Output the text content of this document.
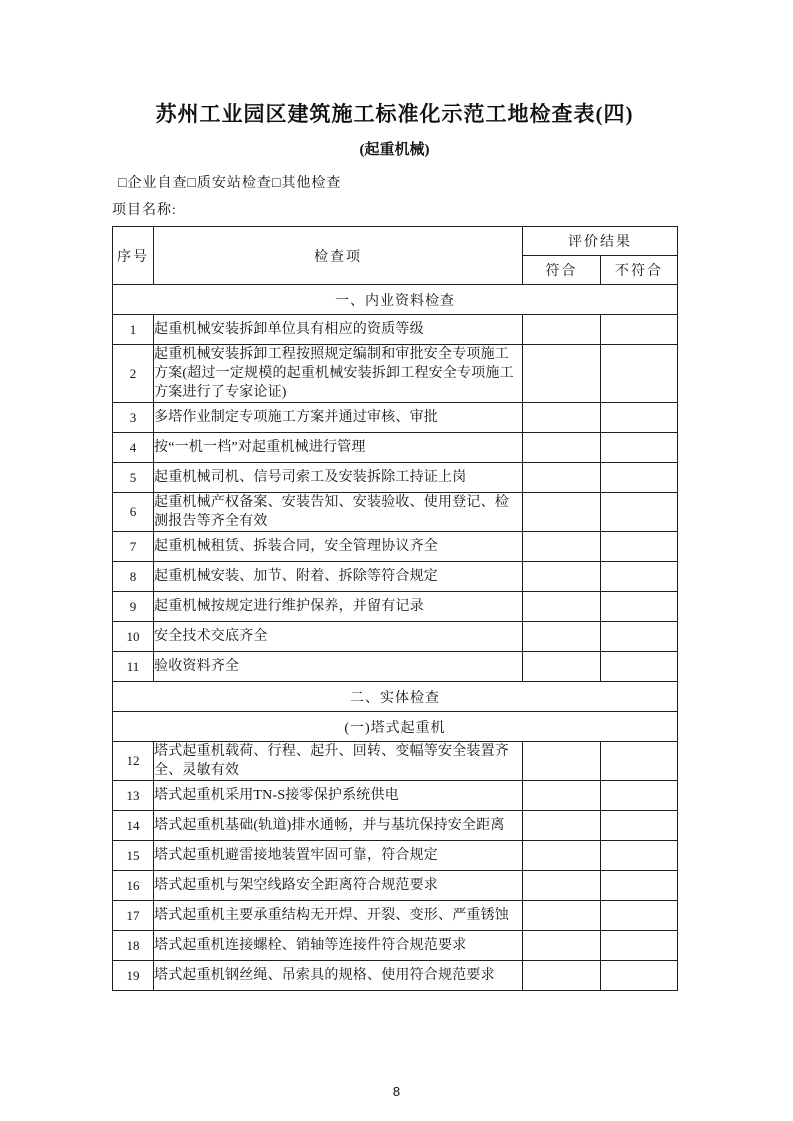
苏州工业园区建筑施工标准化示范工地检查表(四)
(起重机械)
□企业自查□质安站检查□其他检查
项目名称:
序号	检查项	评价结果	
		符合	不符合
一、内业资料检查			
1	起重机械安装拆卸单位具有相应的资质等级		
2	起重机械安装拆卸工程按照规定编制和审批安全专项施工方案(超过一定规模的起重机械安装拆卸工程安全专项施工方案进行了专家论证)		
3	多塔作业制定专项施工方案并通过审核、审批		
4	按“一机一档”对起重机械进行管理		
5	起重机械司机、信号司索工及安装拆除工持证上岗		
6	起重机械产权备案、安装告知、安装验收、使用登记、检测报告等齐全有效		
7	起重机械租赁、拆装合同，安全管理协议齐全		
8	起重机械安装、加节、附着、拆除等符合规定		
9	起重机械按规定进行维护保养，并留有记录		
10	安全技术交底齐全		
11	验收资料齐全		
二、实体检查			
(一)塔式起重机			
12	塔式起重机载荷、行程、起升、回转、变幅等安全装置齐全、灵敏有效		
13	塔式起重机采用TN-S接零保护系统供电		
14	塔式起重机基础(轨道)排水通畅，并与基坑保持安全距离		
15	塔式起重机避雷接地装置牢固可靠，符合规定		
16	塔式起重机与架空线路安全距离符合规范要求		
17	塔式起重机主要承重结构无开焊、开裂、变形、严重锈蚀		
18	塔式起重机连接螺栓、销轴等连接件符合规范要求		
19	塔式起重机钢丝绳、吊索具的规格、使用符合规范要求		
8
